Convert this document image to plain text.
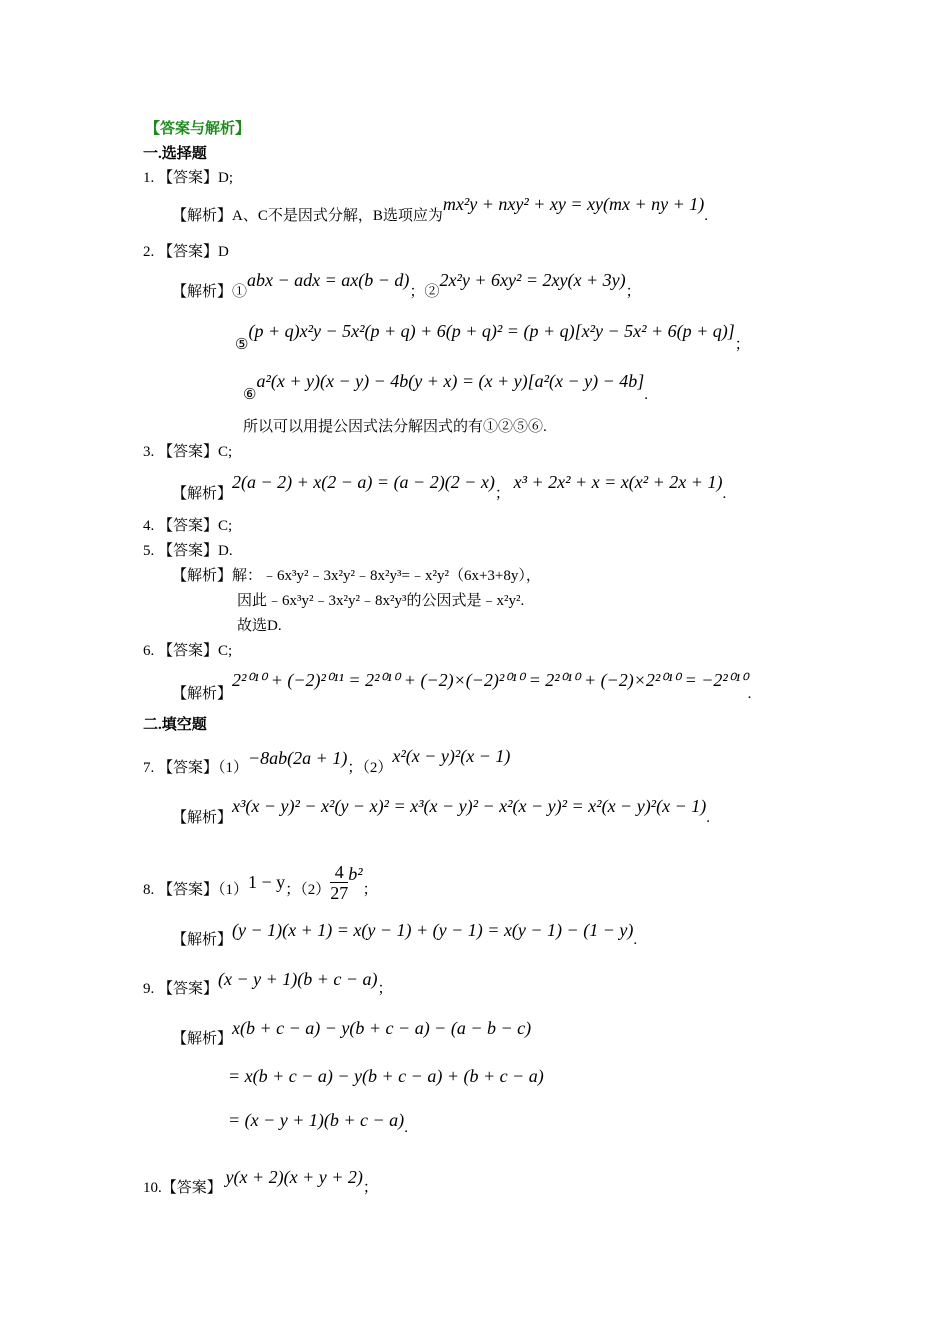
【答案与解析】
一.选择题
1. 【答案】D;
【解析】A、C不是因式分解，B选项应为mx²y + nxy² + xy = xy(mx + ny + 1).
2. 【答案】D
【解析】①abx − adx = ax(b − d)；②2x²y + 6xy² = 2xy(x + 3y)；
⑤(p + q)x²y − 5x²(p + q) + 6(p + q)² = (p + q)[x²y − 5x² + 6(p + q)]；
⑥a²(x + y)(x − y) − 4b(y + x) = (x + y)[a²(x − y) − 4b].
所以可以用提公因式法分解因式的有①②⑤⑥.
3. 【答案】C;
【解析】2(a − 2) + x(2 − a) = (a − 2)(2 − x)； x³ + 2x² + x = x(x² + 2x + 1).
4. 【答案】C;
5. 【答案】D.
【解析】解：﹣6x³y²﹣3x²y²﹣8x²y³=﹣x²y²（6x+3+8y），
因此﹣6x³y²﹣3x²y²﹣8x²y³的公因式是﹣x²y².
故选D.
6. 【答案】C;
【解析】2²⁰¹⁰ + (−2)²⁰¹¹ = 2²⁰¹⁰ + (−2)×(−2)²⁰¹⁰ = 2²⁰¹⁰ + (−2)×2²⁰¹⁰ = −2²⁰¹⁰.
二.填空题
7. 【答案】（1）−8ab(2a + 1)；（2）x²(x − y)²(x − 1)
【解析】x³(x − y)² − x²(y − x)² = x³(x − y)² − x²(x − y)² = x²(x − y)²(x − 1).
8. 【答案】（1）1 − y；$(2) \frac{4}{27} b^2$；
【解析】(y − 1)(x + 1) = x(y − 1) + (y − 1) = x(y − 1) − (1 − y).
9. 【答案】(x − y + 1)(b + c − a)；
【解析】x(b + c − a) − y(b + c − a) − (a − b − c)
= x(b + c − a) − y(b + c − a) + (b + c − a)
= (x − y + 1)(b + c − a).
10.【答案】 y(x + 2)(x + y + 2)；
